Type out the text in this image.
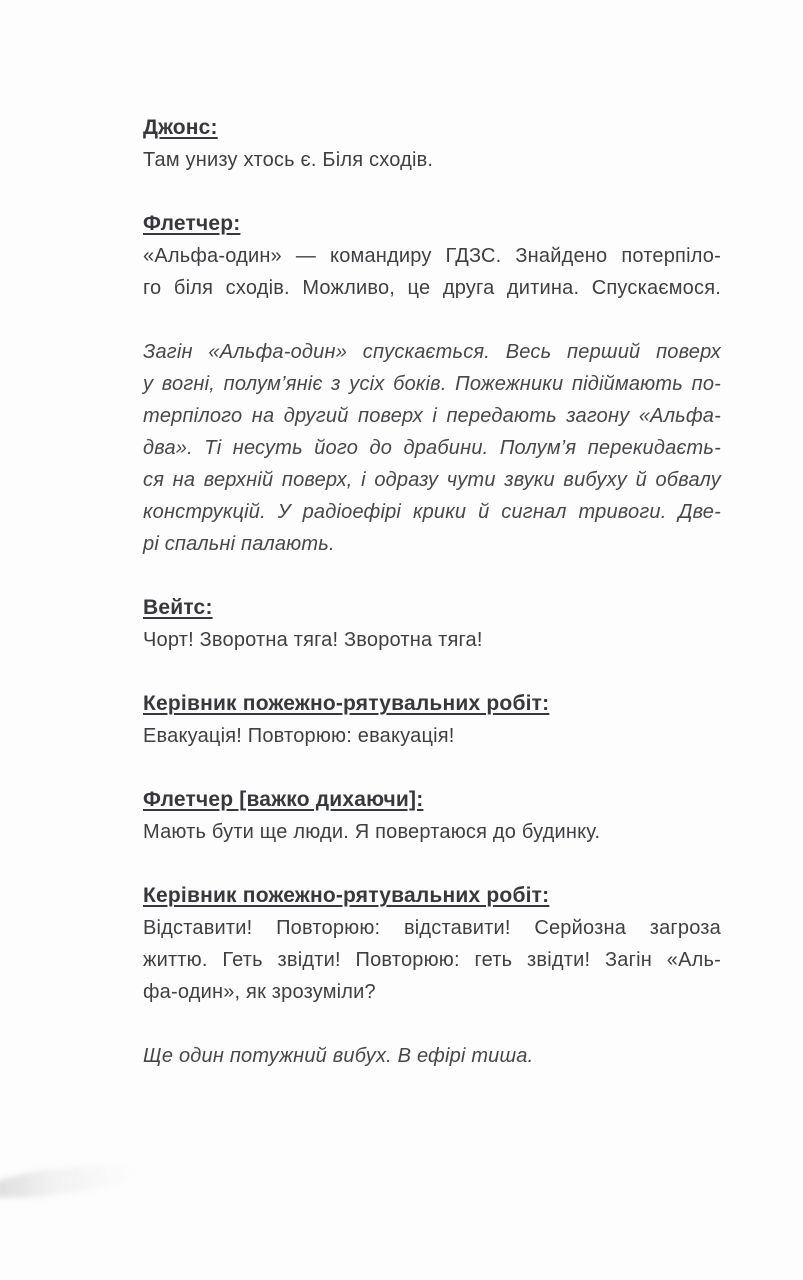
Джонс:
Там унизу хтось є. Біля сходів.
Флетчер:
«Альфа-один» — командиру ГДЗС. Знайдено потерпіло-
го біля сходів. Можливо, це друга дитина. Спускаємося.
Загін «Альфа-один» спускається. Весь перший поверх
у вогні, полум’яніє з усіх боків. Пожежники підіймають по-
терпілого на другий поверх і передають загону «Альфа-
два». Ті несуть його до драбини. Полум’я перекидаєть-
ся на верхній поверх, і одразу чути звуки вибуху й обвалу
конструкцій. У радіоефірі крики й сигнал тривоги. Две-
рі спальні палають.
Вейтс:
Чорт! Зворотна тяга! Зворотна тяга!
Керівник пожежно-рятувальних робіт:
Евакуація! Повторюю: евакуація!
Флетчер [важко дихаючи]:
Мають бути ще люди. Я повертаюся до будинку.
Керівник пожежно-рятувальних робіт:
Відставити! Повторюю: відставити! Серйозна загроза
життю. Геть звідти! Повторюю: геть звідти! Загін «Аль-
фа-один», як зрозуміли?
Ще один потужний вибух. В ефірі тиша.
